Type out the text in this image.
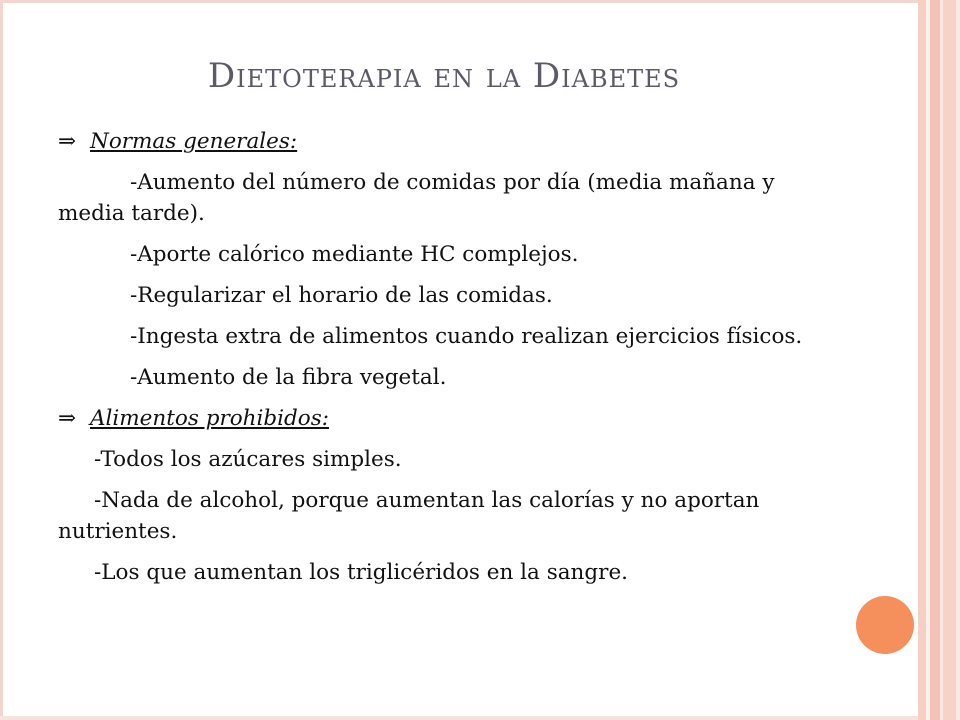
Dietoterapia en la Diabetes
⇒ Normas generales:
-Aumento del número de comidas por día (media mañana y media tarde).
-Aporte calórico mediante HC complejos.
-Regularizar el horario de las comidas.
-Ingesta extra de alimentos cuando realizan ejercicios físicos.
-Aumento de la fibra vegetal.
⇒ Alimentos prohibidos:
-Todos los azúcares simples.
-Nada de alcohol, porque aumentan las calorías y no aportan nutrientes.
-Los que aumentan los triglicéridos en la sangre.
